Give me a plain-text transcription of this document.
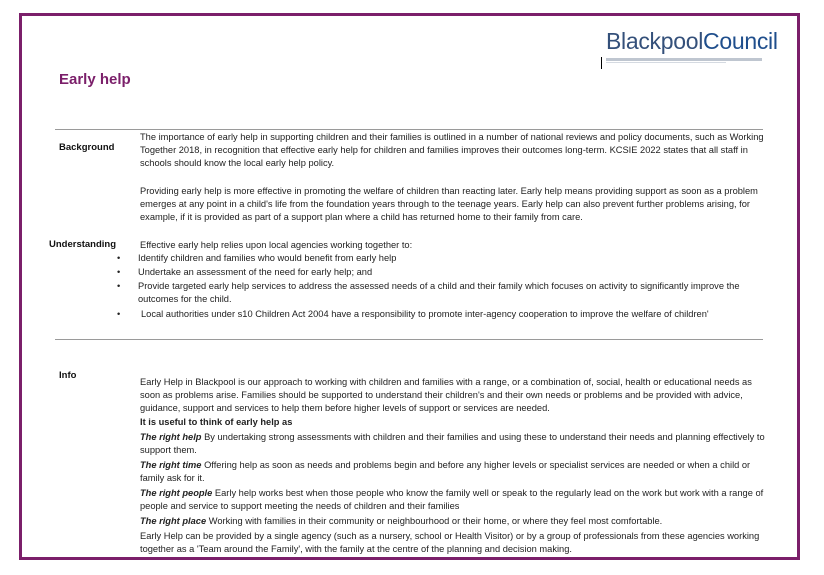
BlackpoolCouncil
Early help
Background

The importance of early help in supporting children and their families is outlined in a number of national reviews and policy documents, such as Working Together 2018, in recognition that effective early help for children and families improves their outcomes long-term. KCSIE 2022 states that all staff in schools should know the local early help policy.

Providing early help is more effective in promoting the welfare of children than reacting later. Early help means providing support as soon as a problem emerges at any point in a child's life from the foundation years through to the teenage years. Early help can also prevent further problems arising, for example, if it is provided as part of a support plan where a child has returned home to their family from care.

Understanding	Effective early help relies upon local agencies working together to:
• Identify children and families who would benefit from early help
• Undertake an assessment of the need for early help; and
• Provide targeted early help services to address the assessed needs of a child and their family which focuses on activity to significantly improve the outcomes for the child.
• Local authorities under s10 Children Act 2004 have a responsibility to promote inter-agency cooperation to improve the welfare of children'
Info

Early Help in Blackpool is our approach to working with children and families with a range, or a combination of, social, health or educational needs as soon as problems arise. Families should be supported to understand their children's and their own needs or problems and be provided with advice, guidance, support and services to help them before higher levels of support or services are needed.

It is useful to think of early help as

The right help By undertaking strong assessments with children and their families and using these to understand their needs and planning effectively to support them.

The right time Offering help as soon as needs and problems begin and before any higher levels or specialist services are needed or when a child or family ask for it.

The right people Early help works best when those people who know the family well or speak to the regularly lead on the work but work with a range of people and service to support meeting the needs of children and their families

The right place Working with families in their community or neighbourhood or their home, or where they feel most comfortable.

Early Help can be provided by a single agency (such as a nursery, school or Health Visitor) or by a group of professionals from these agencies working together as a 'Team around the Family', with the family at the centre of the planning and decision making.
